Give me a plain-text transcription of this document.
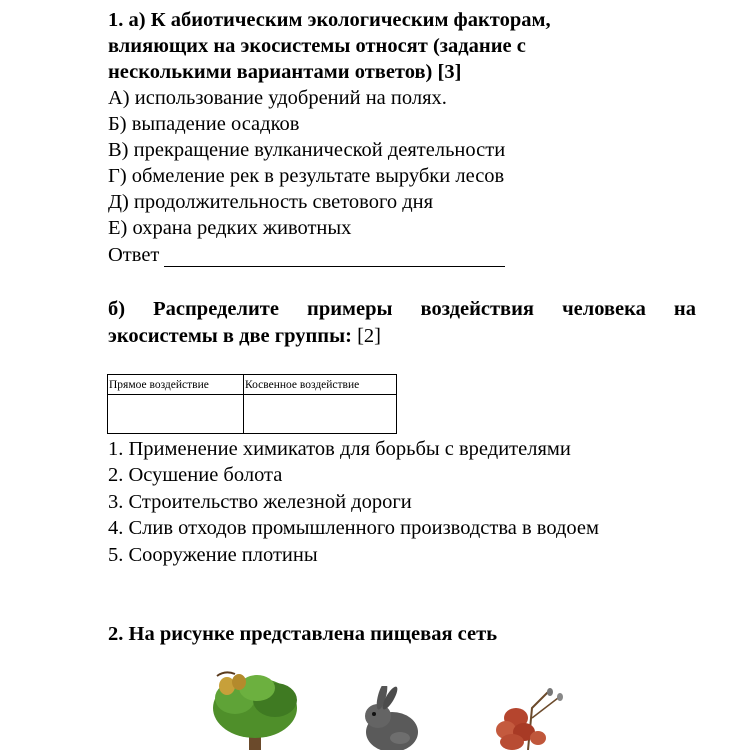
1. а) К абиотическим экологическим факторам,
влияющих на экосистемы относят (задание с
несколькими вариантами ответов) [3]
А) использование удобрений на полях.
Б) выпадение осадков
В) прекращение вулканической деятельности
Г) обмеление рек в результате вырубки лесов
Д) продолжительность светового дня
Е) охрана редких животных
Ответ
б) Распределите примеры воздействия человека на
экосистемы в две группы: [2]
Прямое воздействие	Косвенное воздействие

1. Применение химикатов для борьбы с вредителями
2. Осушение болота
3. Строительство железной дороги
4. Слив отходов промышленного производства в водоем
5. Сооружение плотины
2. На рисунке представлена пищевая сеть
